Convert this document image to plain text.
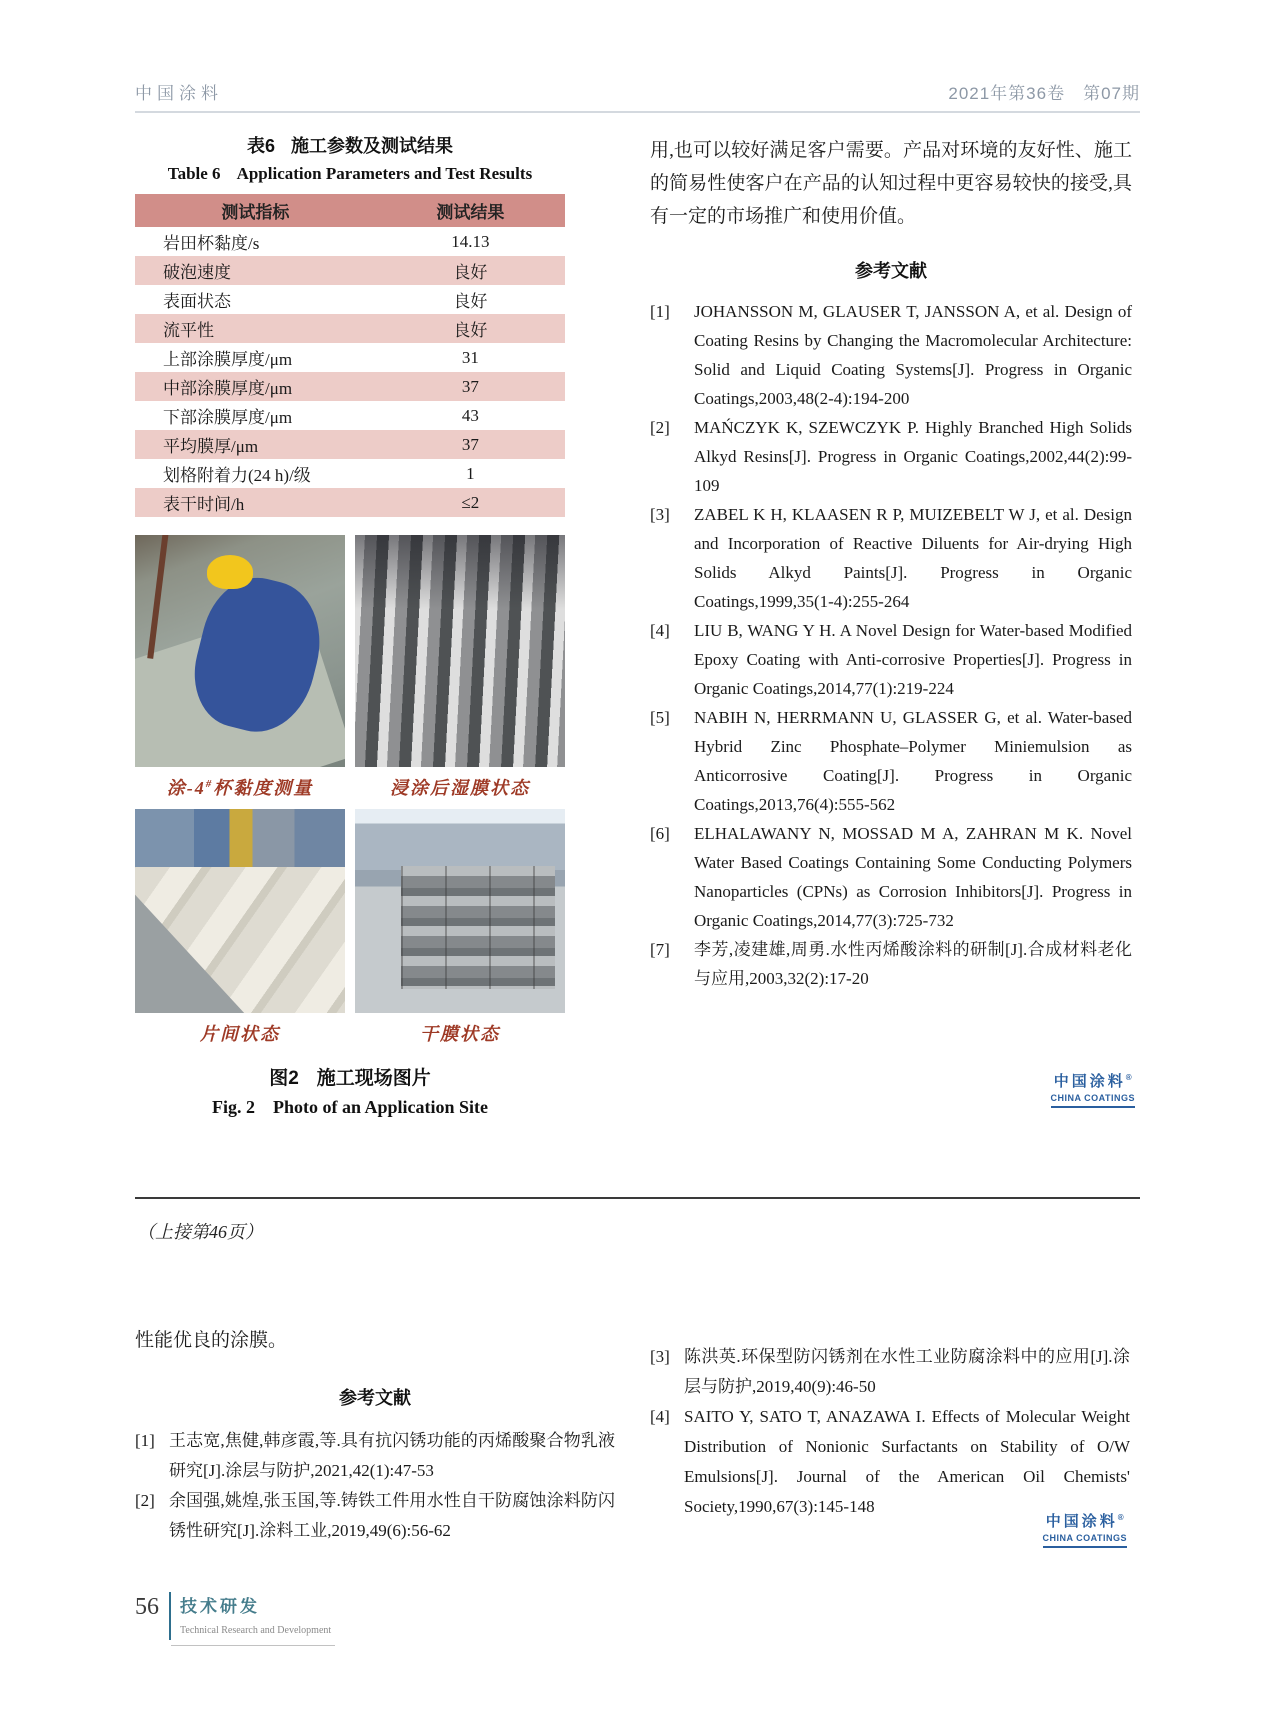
中国涂料	2021年第36卷　第07期
表6 施工参数及测试结果
Table 6 Application Parameters and Test Results
测试指标	测试结果
岩田杯黏度/s	14.13
破泡速度	良好
表面状态	良好
流平性	良好
上部涂膜厚度/μm	31
中部涂膜厚度/μm	37
下部涂膜厚度/μm	43
平均膜厚/μm	37
划格附着力(24 h)/级	1
表干时间/h	≤2
涂-4#杯黏度测量	浸涂后湿膜状态
片间状态	干膜状态
图2 施工现场图片
Fig. 2 Photo of an Application Site
用,也可以较好满足客户需要。产品对环境的友好性、施工的简易性使客户在产品的认知过程中更容易较快的接受,具有一定的市场推广和使用价值。
参考文献
[1]	JOHANSSON M, GLAUSER T, JANSSON A, et al. Design of Coating Resins by Changing the Macromolecular Architecture: Solid and Liquid Coating Systems[J]. Progress in Organic Coatings,2003,48(2-4):194-200
[2]	MAŃCZYK K, SZEWCZYK P. Highly Branched High Solids Alkyd Resins[J]. Progress in Organic Coatings,2002,44(2):99-109
[3]	ZABEL K H, KLAASEN R P, MUIZEBELT W J, et al. Design and Incorporation of Reactive Diluents for Air-drying High Solids Alkyd Paints[J]. Progress in Organic Coatings,1999,35(1-4):255-264
[4]	LIU B, WANG Y H. A Novel Design for Water-based Modified Epoxy Coating with Anti-corrosive Properties[J]. Progress in Organic Coatings,2014,77(1):219-224
[5]	NABIH N, HERRMANN U, GLASSER G, et al. Water-based Hybrid Zinc Phosphate–Polymer Miniemulsion as Anticorrosive Coating[J]. Progress in Organic Coatings,2013,76(4):555-562
[6]	ELHALAWANY N, MOSSAD M A, ZAHRAN M K. Novel Water Based Coatings Containing Some Conducting Polymers Nanoparticles (CPNs) as Corrosion Inhibitors[J]. Progress in Organic Coatings,2014,77(3):725-732
[7]	李芳,凌建雄,周勇.水性丙烯酸涂料的研制[J].合成材料老化与应用,2003,32(2):17-20
中国涂料®
CHINA COATINGS
（上接第46页）
性能优良的涂膜。
参考文献
[1] 王志宽,焦健,韩彦霞,等.具有抗闪锈功能的丙烯酸聚合物乳液研究[J].涂层与防护,2021,42(1):47-53
[2] 余国强,姚煌,张玉国,等.铸铁工件用水性自干防腐蚀涂料防闪锈性研究[J].涂料工业,2019,49(6):56-62
[3] 陈洪英.环保型防闪锈剂在水性工业防腐涂料中的应用[J].涂层与防护,2019,40(9):46-50
[4] SAITO Y, SATO T, ANAZAWA I. Effects of Molecular Weight Distribution of Nonionic Surfactants on Stability of O/W Emulsions[J]. Journal of the American Oil Chemists' Society,1990,67(3):145-148
中国涂料®
CHINA COATINGS
56 技术研发
Technical Research and Development
